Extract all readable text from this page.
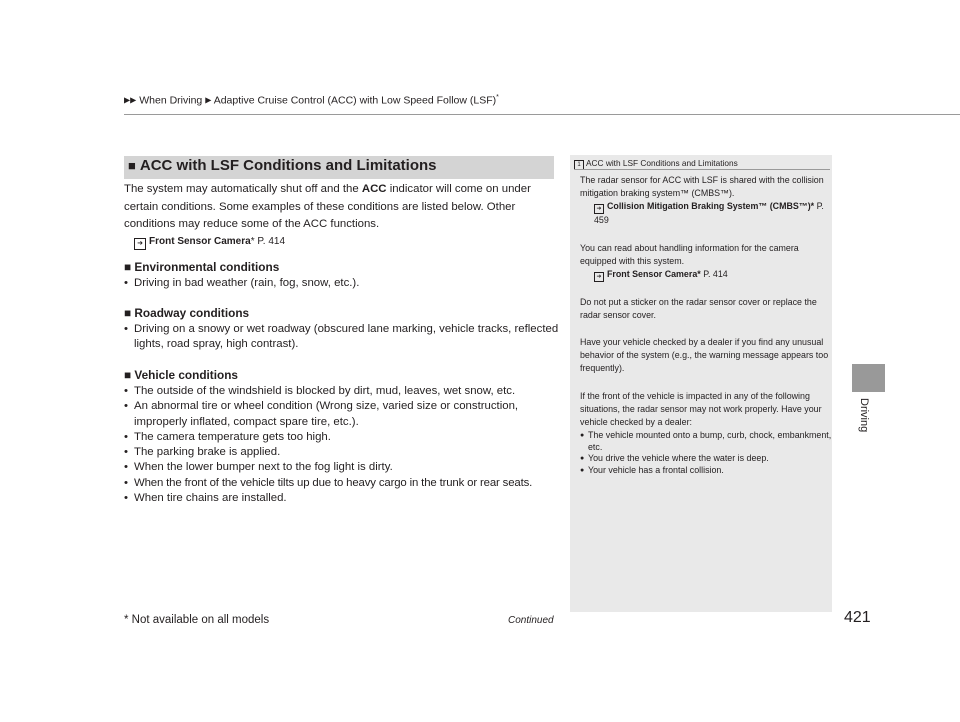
▶▶ When Driving ▶ Adaptive Cruise Control (ACC) with Low Speed Follow (LSF)*
Driving
■ ACC with LSF Conditions and Limitations
The system may automatically shut off and the ACC indicator will come on under certain conditions. Some examples of these conditions are listed below. Other conditions may reduce some of the ACC functions.
➜ Front Sensor Camera* P. 414
■ Environmental conditions
• Driving in bad weather (rain, fog, snow, etc.).
■ Roadway conditions
• Driving on a snowy or wet roadway (obscured lane marking, vehicle tracks, reflected lights, road spray, high contrast).
■ Vehicle conditions
• The outside of the windshield is blocked by dirt, mud, leaves, wet snow, etc.
• An abnormal tire or wheel condition (Wrong size, varied size or construction, improperly inflated, compact spare tire, etc.).
• The camera temperature gets too high.
• The parking brake is applied.
• When the lower bumper next to the fog light is dirty.
• When the front of the vehicle tilts up due to heavy cargo in the trunk or rear seats.
• When tire chains are installed.
1 ACC with LSF Conditions and Limitations
The radar sensor for ACC with LSF is shared with the collision mitigation braking system™ (CMBS™).
➜ Collision Mitigation Braking System™ (CMBS™)* P. 459
You can read about handling information for the camera equipped with this system.
➜ Front Sensor Camera* P. 414
Do not put a sticker on the radar sensor cover or replace the radar sensor cover.
Have your vehicle checked by a dealer if you find any unusual behavior of the system (e.g., the warning message appears too frequently).
If the front of the vehicle is impacted in any of the following situations, the radar sensor may not work properly. Have your vehicle checked by a dealer:
● The vehicle mounted onto a bump, curb, chock, embankment, etc.
● You drive the vehicle where the water is deep.
● Your vehicle has a frontal collision.
* Not available on all models	Continued	421
